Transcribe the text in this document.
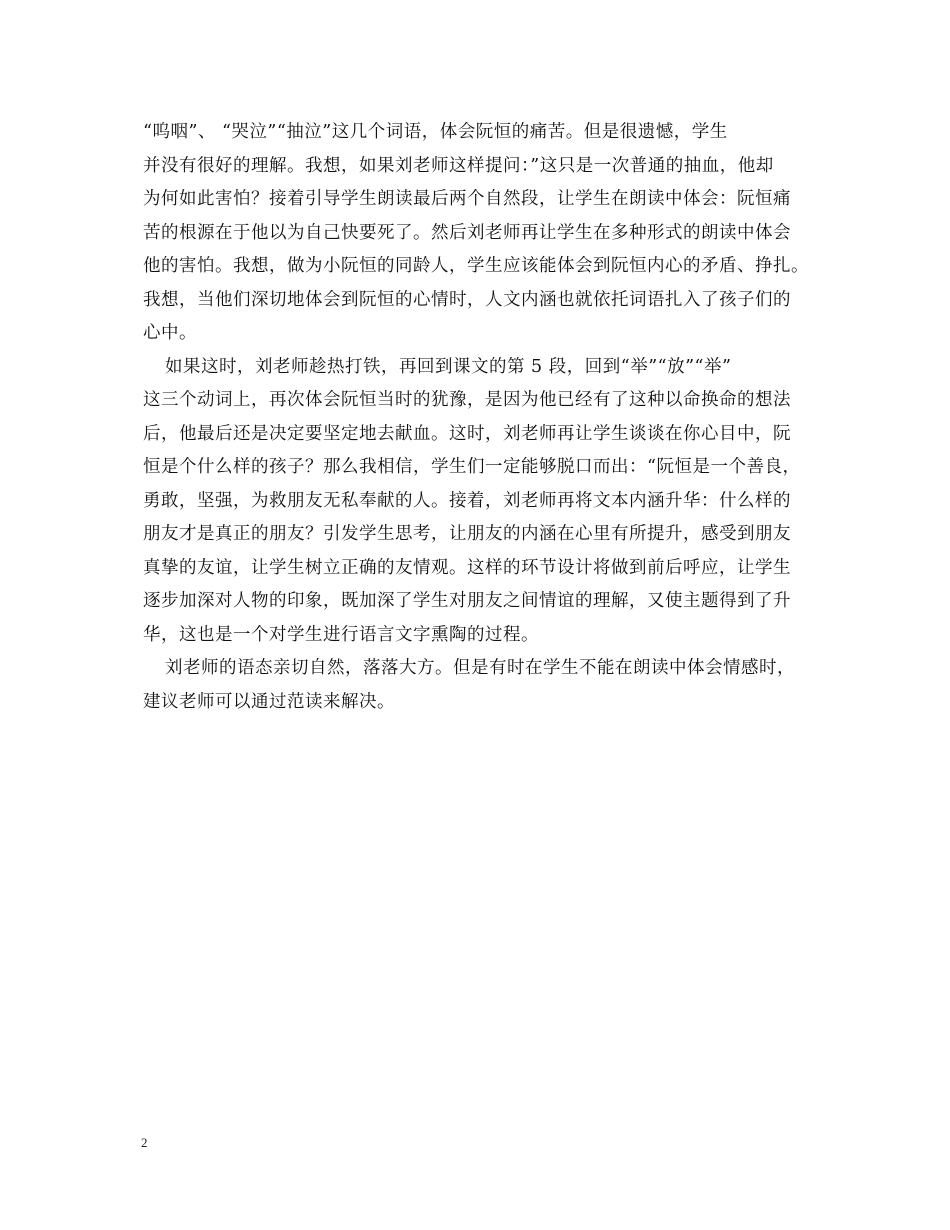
“呜咽”、 “哭泣”“抽泣”这几个词语，体会阮恒的痛苦。但是很遗憾，学生
并没有很好的理解。我想，如果刘老师这样提问：”这只是一次普通的抽血，他却
为何如此害怕？接着引导学生朗读最后两个自然段，让学生在朗读中体会：阮恒痛
苦的根源在于他以为自己快要死了。然后刘老师再让学生在多种形式的朗读中体会
他的害怕。我想，做为小阮恒的同龄人，学生应该能体会到阮恒内心的矛盾、挣扎。
我想，当他们深切地体会到阮恒的心情时，人文内涵也就依托词语扎入了孩子们的
心中。
如果这时，刘老师趁热打铁，再回到课文的第 5 段，回到“举”“放”“举”
这三个动词上，再次体会阮恒当时的犹豫，是因为他已经有了这种以命换命的想法
后，他最后还是决定要坚定地去献血。这时，刘老师再让学生谈谈在你心目中，阮
恒是个什么样的孩子？那么我相信，学生们一定能够脱口而出：“阮恒是一个善良，
勇敢，坚强，为救朋友无私奉献的人。接着，刘老师再将文本内涵升华：什么样的
朋友才是真正的朋友？引发学生思考，让朋友的内涵在心里有所提升，感受到朋友
真挚的友谊，让学生树立正确的友情观。这样的环节设计将做到前后呼应，让学生
逐步加深对人物的印象，既加深了学生对朋友之间情谊的理解，又使主题得到了升
华，这也是一个对学生进行语言文字熏陶的过程。
刘老师的语态亲切自然，落落大方。但是有时在学生不能在朗读中体会情感时，
建议老师可以通过范读来解决。
2
